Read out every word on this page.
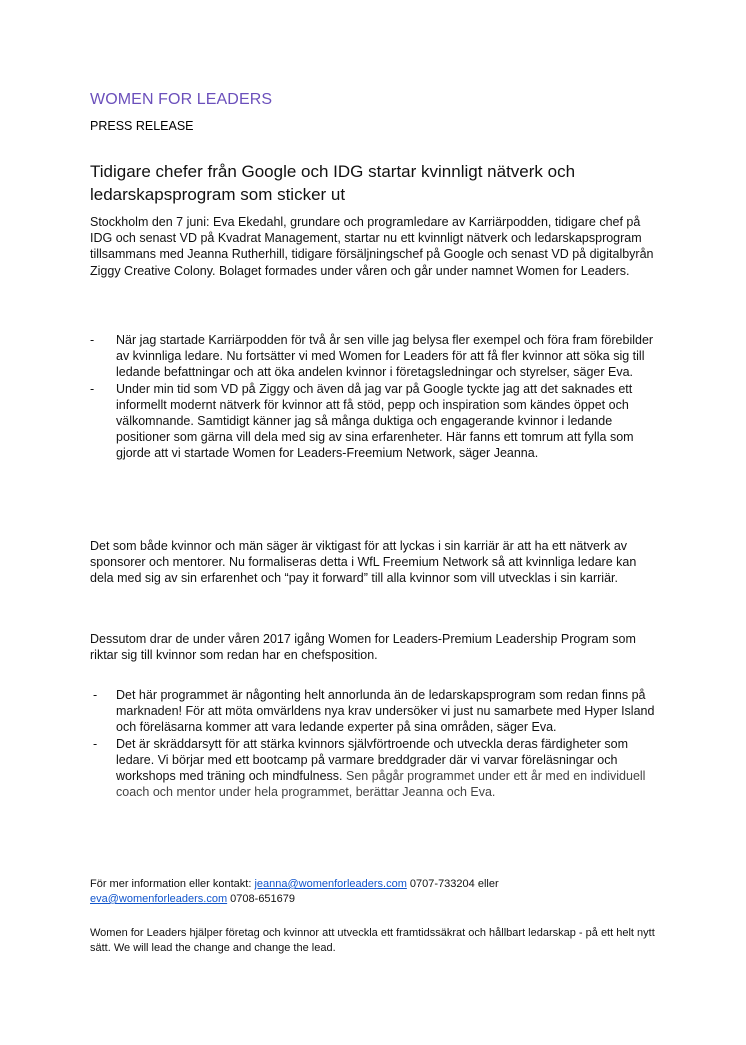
WOMEN FOR LEADERS
PRESS RELEASE
Tidigare chefer från Google och IDG startar kvinnligt nätverk och ledarskapsprogram som sticker ut
Stockholm den 7 juni: Eva Ekedahl, grundare och programledare av Karriärpodden, tidigare chef på IDG och senast VD på Kvadrat Management, startar nu ett kvinnligt nätverk och ledarskapsprogram tillsammans med Jeanna Rutherhill, tidigare försäljningschef på Google och senast VD på digitalbyrån Ziggy Creative Colony. Bolaget formades under våren och går under namnet Women for Leaders.
- När jag startade Karriärpodden för två år sen ville jag belysa fler exempel och föra fram förebilder av kvinnliga ledare. Nu fortsätter vi med Women for Leaders för att få fler kvinnor att söka sig till ledande befattningar och att öka andelen kvinnor i företagsledningar och styrelser, säger Eva.
- Under min tid som VD på Ziggy och även då jag var på Google tyckte jag att det saknades ett informellt modernt nätverk för kvinnor att få stöd, pepp och inspiration som kändes öppet och välkomnande. Samtidigt känner jag så många duktiga och engagerande kvinnor i ledande positioner som gärna vill dela med sig av sina erfarenheter. Här fanns ett tomrum att fylla som gjorde att vi startade Women for Leaders-Freemium Network, säger Jeanna.
Det som både kvinnor och män säger är viktigast för att lyckas i sin karriär är att ha ett nätverk av sponsorer och mentorer. Nu formaliseras detta i WfL Freemium Network så att kvinnliga ledare kan dela med sig av sin erfarenhet och “pay it forward” till alla kvinnor som vill utvecklas i sin karriär.
Dessutom drar de under våren 2017 igång Women for Leaders-Premium Leadership Program som riktar sig till kvinnor som redan har en chefsposition.
- Det här programmet är någonting helt annorlunda än de ledarskapsprogram som redan finns på marknaden! För att möta omvärldens nya krav undersöker vi just nu samarbete med Hyper Island och föreläsarna kommer att vara ledande experter på sina områden, säger Eva.
- Det är skräddarsytt för att stärka kvinnors självförtroende och utveckla deras färdigheter som ledare. Vi börjar med ett bootcamp på varmare breddgrader där vi varvar föreläsningar och workshops med träning och mindfulness. Sen pågår programmet under ett år med en individuell coach och mentor under hela programmet, berättar Jeanna och Eva.
För mer information eller kontakt: jeanna@womenforleaders.com 0707-733204 eller
eva@womenforleaders.com 0708-651679
Women for Leaders hjälper företag och kvinnor att utveckla ett framtidssäkrat och hållbart ledarskap - på ett helt nytt sätt. We will lead the change and change the lead.
